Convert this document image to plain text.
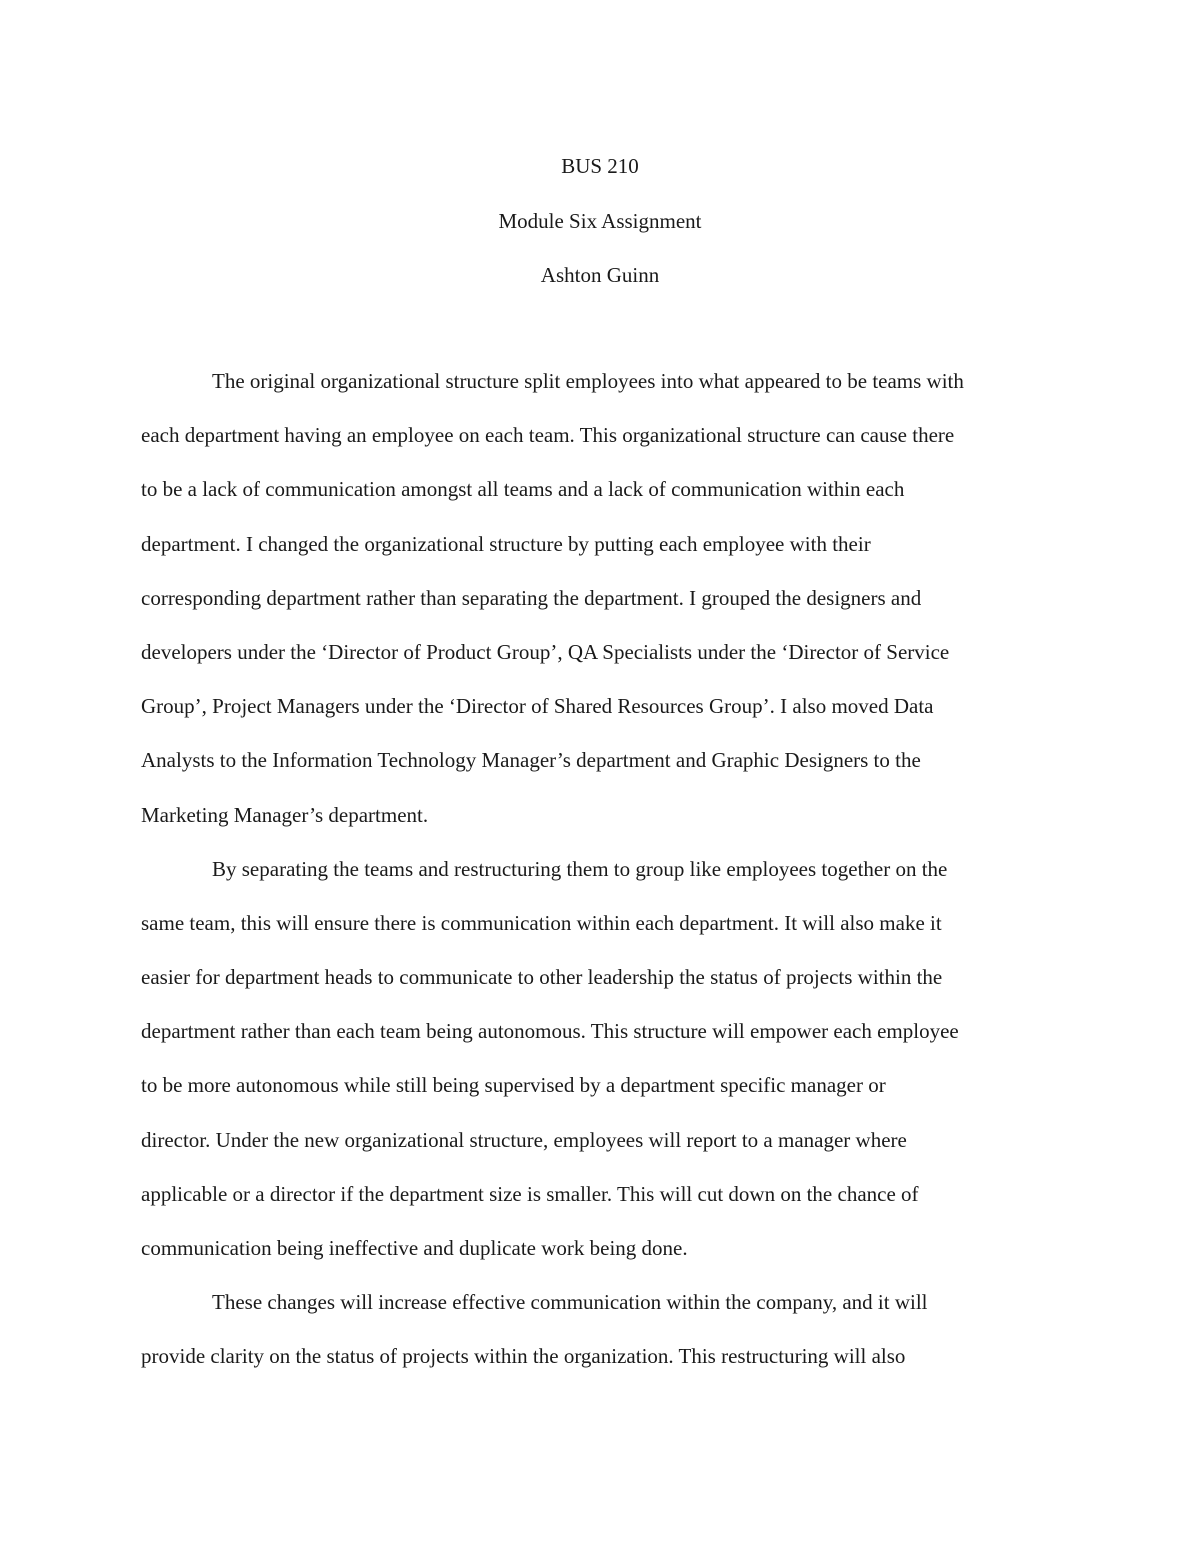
BUS 210
Module Six Assignment
Ashton Guinn
The original organizational structure split employees into what appeared to be teams with
each department having an employee on each team. This organizational structure can cause there
to be a lack of communication amongst all teams and a lack of communication within each
department. I changed the organizational structure by putting each employee with their
corresponding department rather than separating the department. I grouped the designers and
developers under the ‘Director of Product Group’, QA Specialists under the ‘Director of Service
Group’, Project Managers under the ‘Director of Shared Resources Group’. I also moved Data
Analysts to the Information Technology Manager’s department and Graphic Designers to the
Marketing Manager’s department.
By separating the teams and restructuring them to group like employees together on the
same team, this will ensure there is communication within each department. It will also make it
easier for department heads to communicate to other leadership the status of projects within the
department rather than each team being autonomous. This structure will empower each employee
to be more autonomous while still being supervised by a department specific manager or
director. Under the new organizational structure, employees will report to a manager where
applicable or a director if the department size is smaller. This will cut down on the chance of
communication being ineffective and duplicate work being done.
These changes will increase effective communication within the company, and it will
provide clarity on the status of projects within the organization. This restructuring will also
